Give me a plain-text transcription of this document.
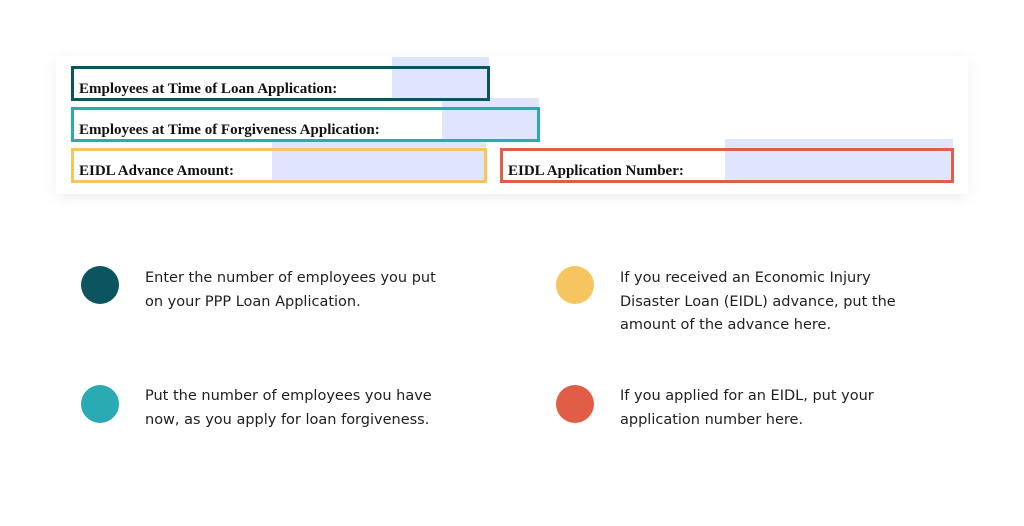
Employees at Time of Loan Application:
Employees at Time of Forgiveness Application:
EIDL Advance Amount:	EIDL Application Number:
Enter the number of employees you put
on your PPP Loan Application.
Put the number of employees you have
now, as you apply for loan forgiveness.
If you received an Economic Injury
Disaster Loan (EIDL) advance, put the
amount of the advance here.
If you applied for an EIDL, put your
application number here.
